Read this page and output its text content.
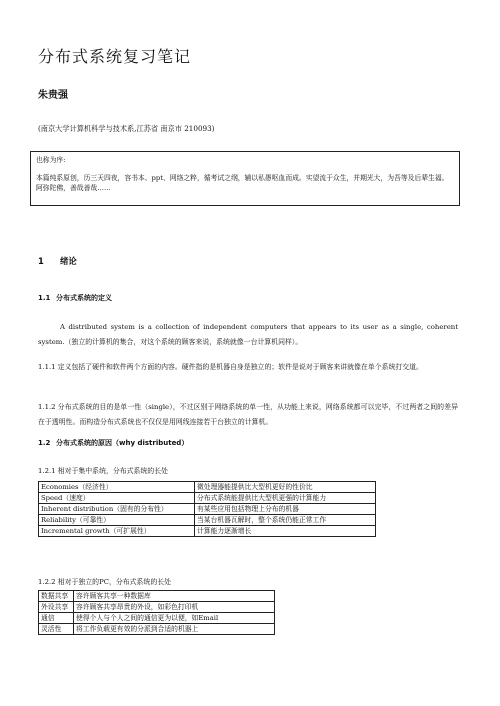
分布式系统复习笔记
朱贵强
(南京大学计算机科学与技术系,江苏省 南京市 210093)
也称为序:
本篇纯系原创，历三天四夜，容书本、ppt、网络之粹，循考试之纲，辅以私愚呕血而成。实望流于众生，并期光大，为吾等及后辈生福。阿弥陀佛，善哉善哉……
1 绪论
1.1 分布式系统的定义
A distributed system is a collection of independent computers that appears to its user as a single, coherent system.（独立的计算机的集合，对这个系统的顾客来说，系统就像一台计算机同样）。
1.1.1 定义包括了硬件和软件两个方面的内容。硬件指的是机器自身是独立的；软件是说对于顾客来讲就像在单个系统打交道。
1.1.2 分布式系统的目的是单一性（single），不过区别于网络系统的单一性，从功能上来说，网络系统都可以完毕，不过两者之间的差异在于透明性。而构造分布式系统也不仅仅是用网线连接若干台独立的计算机。
1.2 分布式系统的原因（why distributed）
1.2.1 相对于集中系统，分布式系统的长处
Economies（经济性）	微处理器能提供比大型机更好的性价比
Speed（速度）	分布式系统能提供比大型机更强的计算能力
Inherent distribution（固有的分布性）	有某些应用包括物理上分布的机器
Reliability（可靠性）	当某台机器瓦解时，整个系统仍能正常工作
Incremental growth（可扩展性）	计算能力逐渐增长
1.2.2 相对于独立的PC，分布式系统的长处
数据共享	容许顾客共享一种数据库
外设共享	容许顾客共享昂贵的外设，如彩色打印机
通信	使得个人与个人之间的通信更为以便，如Email
灵活性	将工作负载更有效的分派到合适的机器上
